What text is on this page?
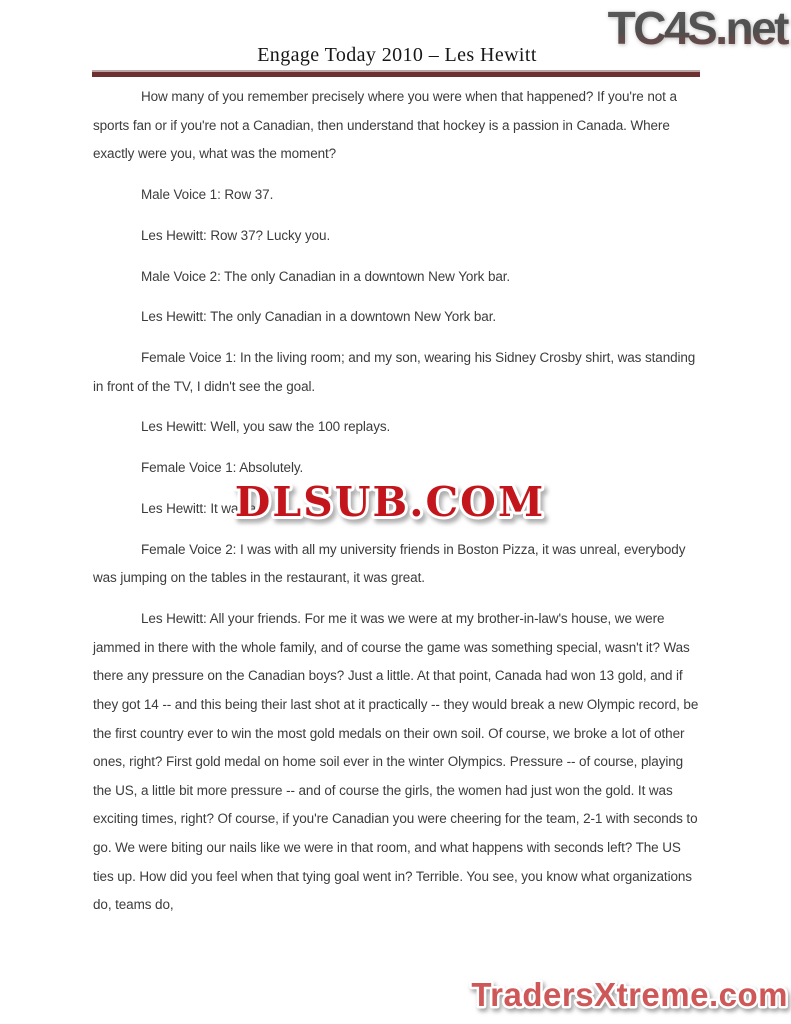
TC4S.net
Engage Today 2010 – Les Hewitt

How many of you remember precisely where you were when that happened? If you're not a sports fan or if you're not a Canadian, then understand that hockey is a passion in Canada. Where exactly were you, what was the moment?

Male Voice 1: Row 37.

Les Hewitt: Row 37? Lucky you.

Male Voice 2: The only Canadian in a downtown New York bar.

Les Hewitt: The only Canadian in a downtown New York bar.

Female Voice 1: In the living room; and my son, wearing his Sidney Crosby shirt, was standing in front of the TV, I didn't see the goal.

Les Hewitt: Well, you saw the 100 replays.

Female Voice 1: Absolutely.

Les Hewitt: It was a

Female Voice 2: I was with all my university friends in Boston Pizza, it was unreal, everybody was jumping on the tables in the restaurant, it was great.

Les Hewitt: All your friends. For me it was we were at my brother-in-law's house, we were jammed in there with the whole family, and of course the game was something special, wasn't it? Was there any pressure on the Canadian boys? Just a little. At that point, Canada had won 13 gold, and if they got 14 -- and this being their last shot at it practically -- they would break a new Olympic record, be the first country ever to win the most gold medals on their own soil. Of course, we broke a lot of other ones, right? First gold medal on home soil ever in the winter Olympics. Pressure -- of course, playing the US, a little bit more pressure -- and of course the girls, the women had just won the gold. It was exciting times, right? Of course, if you're Canadian you were cheering for the team, 2-1 with seconds to go. We were biting our nails like we were in that room, and what happens with seconds left? The US ties up. How did you feel when that tying goal went in? Terrible. You see, you know what organizations do, teams do,

DLSUB.COM
TradersXtreme.com
